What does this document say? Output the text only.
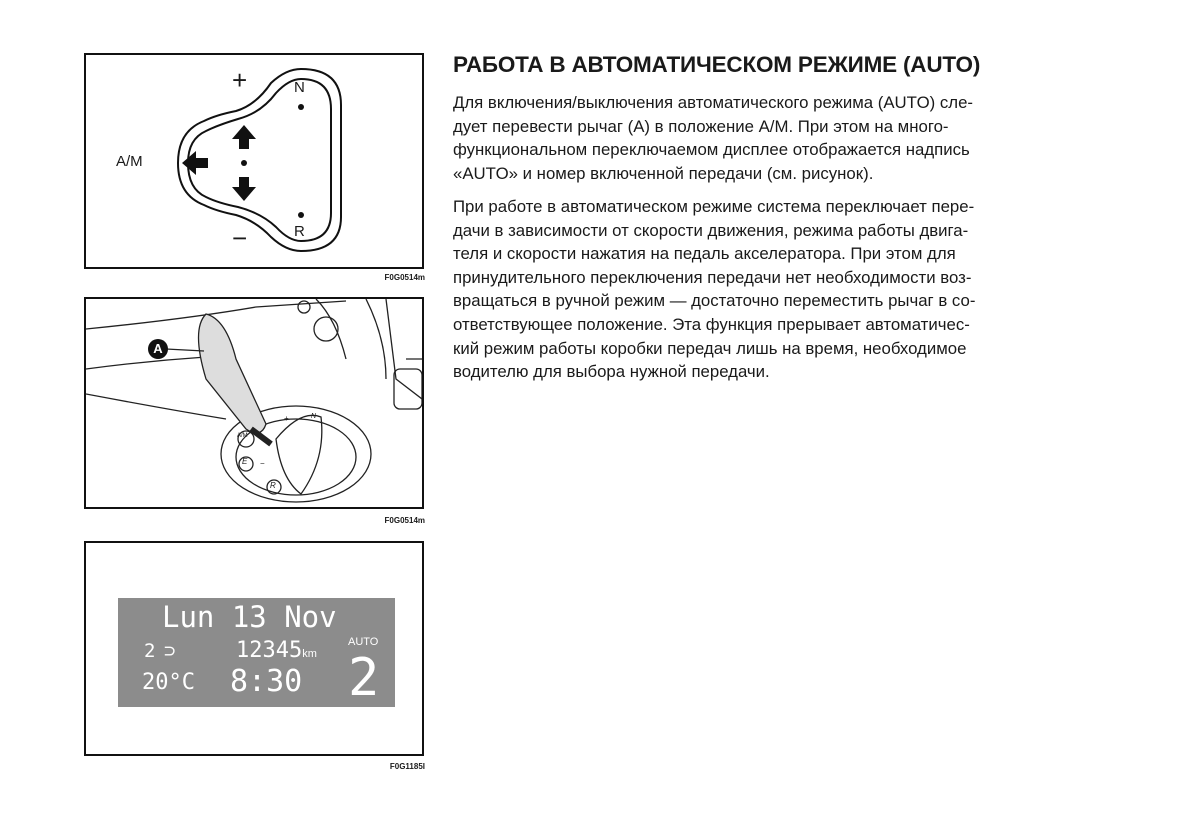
+
−
N
R
A/M
F0G0514m
A
A/M
E
+
−
N
R
F0G0514m
Lun 13 Nov
2 ⊃	12345km
AUTO
20°C 8:30 2
F0G1185I
РАБОТА В АВТОМАТИЧЕСКОМ РЕЖИМЕ (AUTO)

Для включения/выключения автоматического режима (AUTO) сле-
дует перевести рычаг (А) в положение А/М. При этом на много-
функциональном переключаемом дисплее отображается надпись
«AUTO» и номер включенной передачи (см. рисунок).

При работе в автоматическом режиме система переключает пере-
дачи в зависимости от скорости движения, режима работы двига-
теля и скорости нажатия на педаль акселератора. При этом для
принудительного переключения передачи нет необходимости воз-
вращаться в ручной режим — достаточно переместить рычаг в со-
ответствующее положение. Эта функция прерывает автоматичес-
кий режим работы коробки передач лишь на время, необходимое
водителю для выбора нужной передачи.
